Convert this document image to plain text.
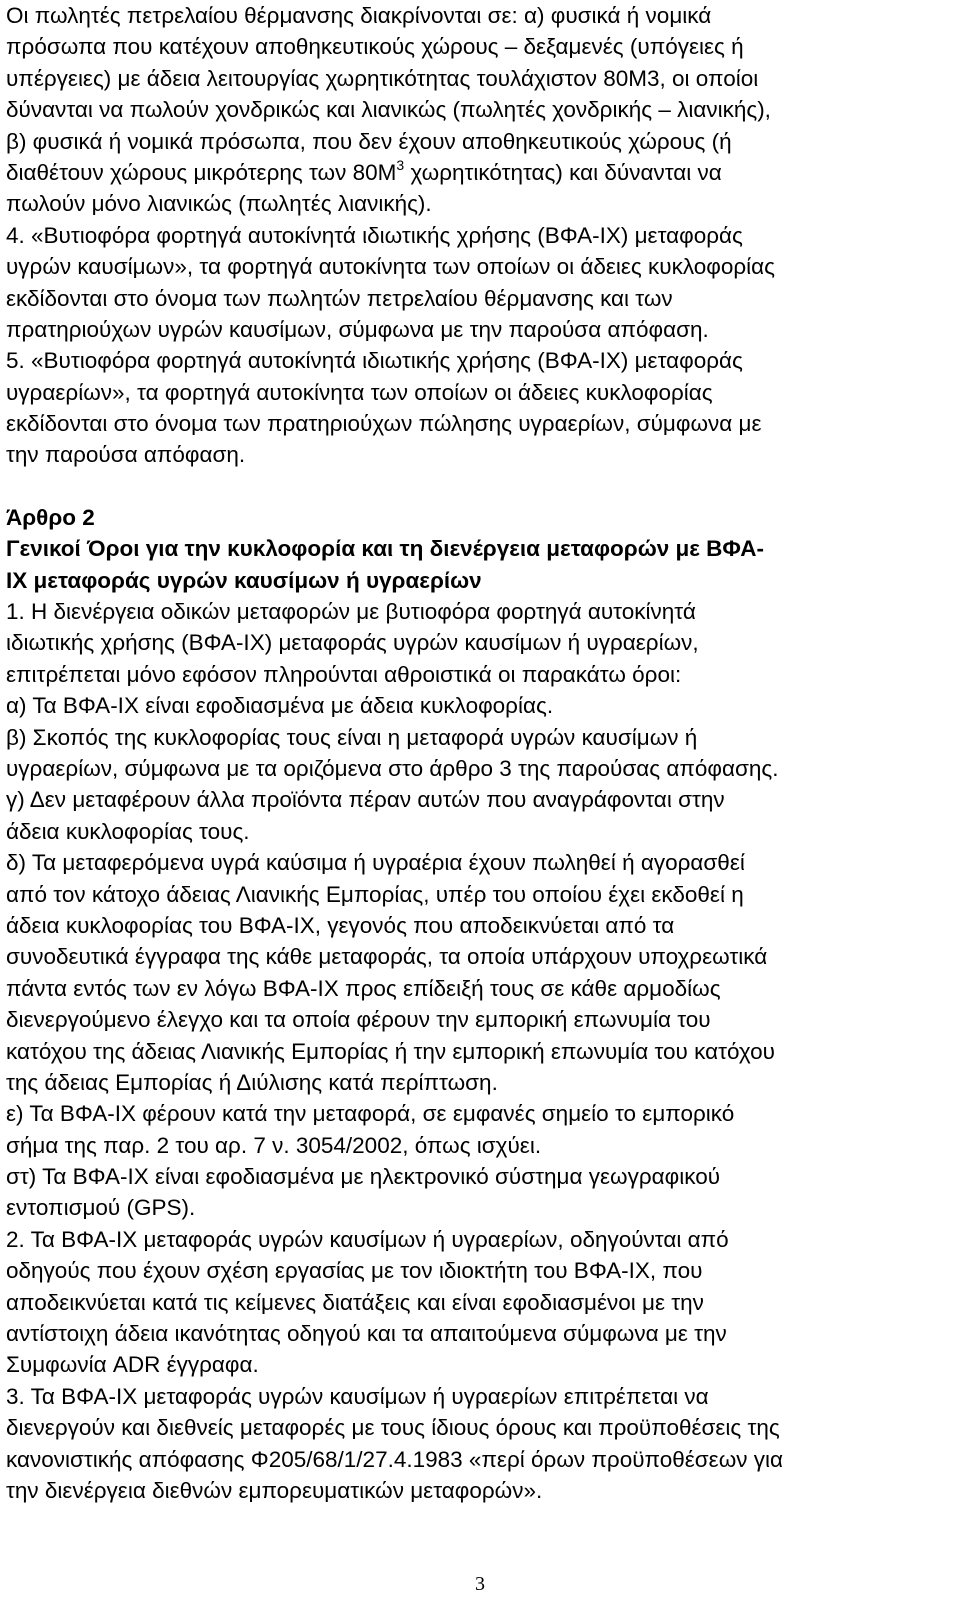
Οι πωλητές πετρελαίου θέρμανσης διακρίνονται σε: α) φυσικά ή νομικά
πρόσωπα που κατέχουν αποθηκευτικούς χώρους – δεξαμενές (υπόγειες ή
υπέργειες) με άδεια λειτουργίας χωρητικότητας τουλάχιστον 80Μ3, οι οποίοι
δύνανται να πωλούν χονδρικώς και λιανικώς (πωλητές χονδρικής – λιανικής),
β) φυσικά ή νομικά πρόσωπα, που δεν έχουν αποθηκευτικούς χώρους (ή
διαθέτουν χώρους μικρότερης των $80M^3$ χωρητικότητας) και δύνανται να
πωλούν μόνο λιανικώς (πωλητές λιανικής).
4. «Βυτιοφόρα φορτηγά αυτοκίνητά ιδιωτικής χρήσης (ΒΦΑ-ΙΧ) μεταφοράς
υγρών καυσίμων», τα φορτηγά αυτοκίνητα των οποίων οι άδειες κυκλοφορίας
εκδίδονται στο όνομα των πωλητών πετρελαίου θέρμανσης και των
πρατηριούχων υγρών καυσίμων, σύμφωνα με την παρούσα απόφαση.
5. «Βυτιοφόρα φορτηγά αυτοκίνητά ιδιωτικής χρήσης (ΒΦΑ-ΙΧ) μεταφοράς
υγραερίων», τα φορτηγά αυτοκίνητα των οποίων οι άδειες κυκλοφορίας
εκδίδονται στο όνομα των πρατηριούχων πώλησης υγραερίων, σύμφωνα με
την παρούσα απόφαση.
Άρθρο 2
Γενικοί Όροι για την κυκλοφορία και τη διενέργεια μεταφορών με ΒΦΑ-
ΙΧ μεταφοράς υγρών καυσίμων ή υγραερίων
1. Η διενέργεια οδικών μεταφορών με βυτιοφόρα φορτηγά αυτοκίνητά
ιδιωτικής χρήσης (ΒΦΑ-ΙΧ) μεταφοράς υγρών καυσίμων ή υγραερίων,
επιτρέπεται μόνο εφόσον πληρούνται αθροιστικά οι παρακάτω όροι:
α) Τα ΒΦΑ-ΙΧ είναι εφοδιασμένα με άδεια κυκλοφορίας.
β) Σκοπός της κυκλοφορίας τους είναι η μεταφορά υγρών καυσίμων ή
υγραερίων, σύμφωνα με τα οριζόμενα στο άρθρο 3 της παρούσας απόφασης.
γ) Δεν μεταφέρουν άλλα προϊόντα πέραν αυτών που αναγράφονται στην
άδεια κυκλοφορίας τους.
δ) Τα μεταφερόμενα υγρά καύσιμα ή υγραέρια έχουν πωληθεί ή αγορασθεί
από τον κάτοχο άδειας Λιανικής Εμπορίας, υπέρ του οποίου έχει εκδοθεί η
άδεια κυκλοφορίας του ΒΦΑ-ΙΧ, γεγονός που αποδεικνύεται από τα
συνοδευτικά έγγραφα της κάθε μεταφοράς, τα οποία υπάρχουν υποχρεωτικά
πάντα εντός των εν λόγω ΒΦΑ-ΙΧ προς επίδειξή τους σε κάθε αρμοδίως
διενεργούμενο έλεγχο και τα οποία φέρουν την εμπορική επωνυμία του
κατόχου της άδειας Λιανικής Εμπορίας ή την εμπορική επωνυμία του κατόχου
της άδειας Εμπορίας ή Διύλισης κατά περίπτωση.
ε) Τα ΒΦΑ-ΙΧ φέρουν κατά την μεταφορά, σε εμφανές σημείο το εμπορικό
σήμα της παρ. 2 του αρ. 7 ν. 3054/2002, όπως ισχύει.
στ) Τα ΒΦΑ-ΙΧ είναι εφοδιασμένα με ηλεκτρονικό σύστημα γεωγραφικού
εντοπισμού (GPS).
2. Τα ΒΦΑ-ΙΧ μεταφοράς υγρών καυσίμων ή υγραερίων, οδηγούνται από
οδηγούς που έχουν σχέση εργασίας με τον ιδιοκτήτη του ΒΦΑ-ΙΧ, που
αποδεικνύεται κατά τις κείμενες διατάξεις και είναι εφοδιασμένοι με την
αντίστοιχη άδεια ικανότητας οδηγού και τα απαιτούμενα σύμφωνα με την
Συμφωνία ADR έγγραφα.
3. Τα ΒΦΑ-ΙΧ μεταφοράς υγρών καυσίμων ή υγραερίων επιτρέπεται να
διενεργούν και διεθνείς μεταφορές με τους ίδιους όρους και προϋποθέσεις της
κανονιστικής απόφασης Φ205/68/1/27.4.1983 «περί όρων προϋποθέσεων για
την διενέργεια διεθνών εμπορευματικών μεταφορών».
3
